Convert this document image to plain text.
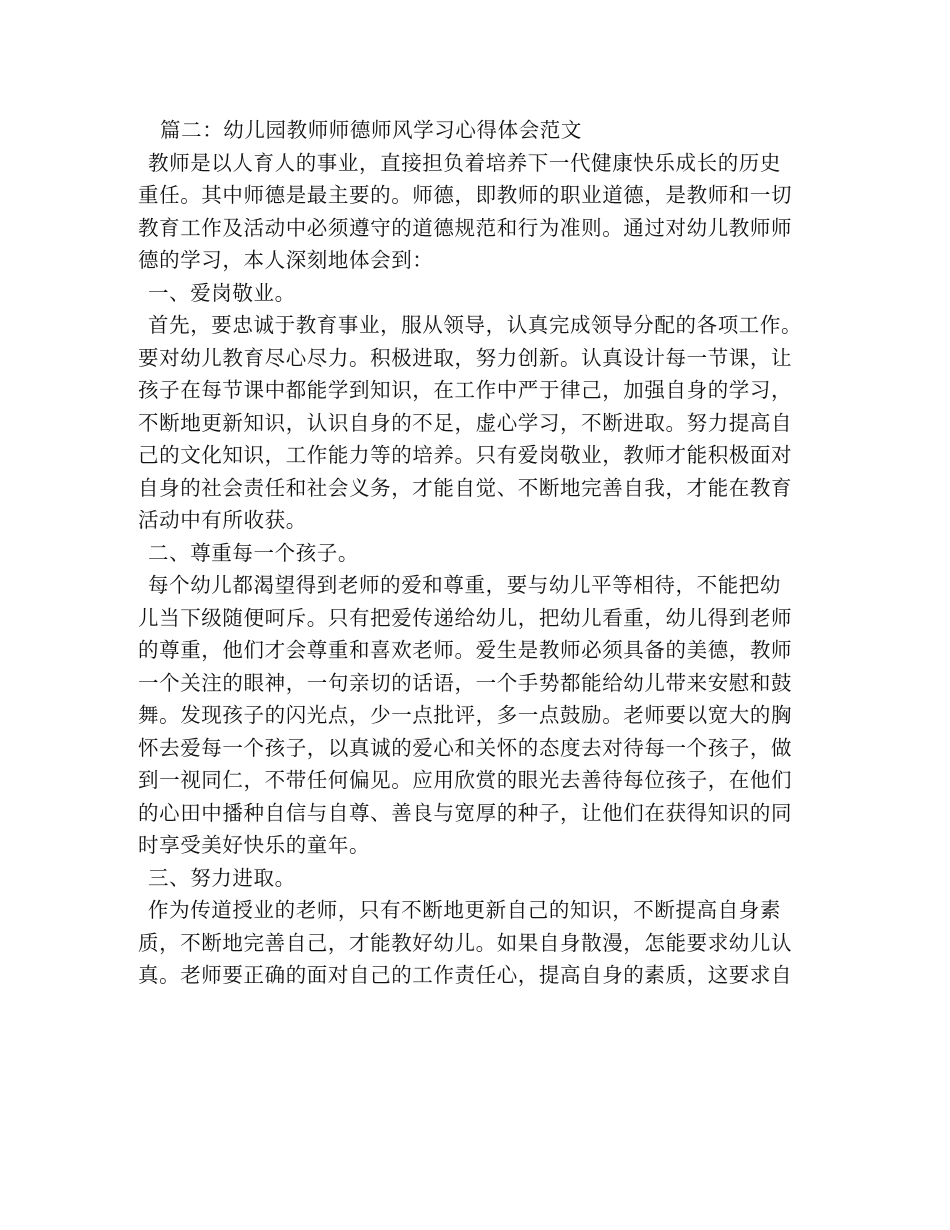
篇二：幼儿园教师师德师风学习心得体会范文
教师是以人育人的事业，直接担负着培养下一代健康快乐成长的历史
重任。其中师德是最主要的。师德，即教师的职业道德，是教师和一切
教育工作及活动中必须遵守的道德规范和行为准则。通过对幼儿教师师
德的学习，本人深刻地体会到：
一、爱岗敬业。
首先，要忠诚于教育事业，服从领导，认真完成领导分配的各项工作。
要对幼儿教育尽心尽力。积极进取，努力创新。认真设计每一节课，让
孩子在每节课中都能学到知识，在工作中严于律己，加强自身的学习，
不断地更新知识，认识自身的不足，虚心学习，不断进取。努力提高自
己的文化知识，工作能力等的培养。只有爱岗敬业，教师才能积极面对
自身的社会责任和社会义务，才能自觉、不断地完善自我，才能在教育
活动中有所收获。
二、尊重每一个孩子。
每个幼儿都渴望得到老师的爱和尊重，要与幼儿平等相待，不能把幼
儿当下级随便呵斥。只有把爱传递给幼儿，把幼儿看重，幼儿得到老师
的尊重，他们才会尊重和喜欢老师。爱生是教师必须具备的美德，教师
一个关注的眼神，一句亲切的话语，一个手势都能给幼儿带来安慰和鼓
舞。发现孩子的闪光点，少一点批评，多一点鼓励。老师要以宽大的胸
怀去爱每一个孩子，以真诚的爱心和关怀的态度去对待每一个孩子，做
到一视同仁，不带任何偏见。应用欣赏的眼光去善待每位孩子，在他们
的心田中播种自信与自尊、善良与宽厚的种子，让他们在获得知识的同
时享受美好快乐的童年。
三、努力进取。
作为传道授业的老师，只有不断地更新自己的知识，不断提高自身素
质，不断地完善自己，才能教好幼儿。如果自身散漫，怎能要求幼儿认
真。老师要正确的面对自己的工作责任心，提高自身的素质，这要求自
